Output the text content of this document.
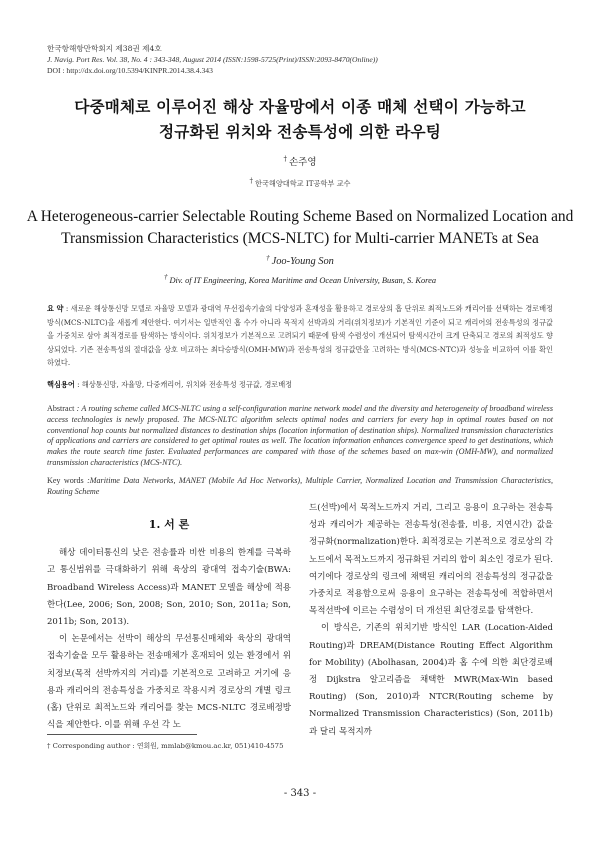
한국항해항만학회지 제38권 제4호
J. Navig. Port Res. Vol. 38, No. 4 : 343-348, August 2014 (ISSN:1598-5725(Print)/ISSN:2093-8470(Online))
DOI : http://dx.doi.org/10.5394/KINPR.2014.38.4.343
다중매체로 이루어진 해상 자율망에서 이종 매체 선택이 가능하고
정규화된 위치와 전송특성에 의한 라우팅
† 손주영
† 한국해양대학교 IT공학부 교수
A Heterogeneous-carrier Selectable Routing Scheme Based on Normalized Location and
Transmission Characteristics (MCS-NLTC) for Multi-carrier MANETs at Sea
† Joo-Young Son
† Div. of IT Engineering, Korea Maritime and Ocean University, Busan, S. Korea
요 약 : 새로운 해상통신망 모델로 자율망 모델과 광대역 무선접속기술의 다양성과 혼재성을 활용하고 경로상의 홉 단위로 최적노드와 캐리어를 선택하는 경로배정방식(MCS-NLTC)을 새롭게 제안한다. 여기서는 일반적인 홉 수가 아니라 목적지 선박과의 거리(위치정보)가 기본적인 기준이 되고 캐리어의 전송특성의 정규값을 가중치로 삼아 최적경로를 탐색하는 방식이다. 위치정보가 기본적으로 고려되기 때문에 탐색 수렴성이 개선되어 탐색시간이 크게 단축되고 경로의 최적성도 향상되었다. 기존 전송특성의 절대값을 상호 비교하는 최다승방식(OMH-MW)과 전송특성의 정규값만을 고려하는 방식(MCS-NTC)과 성능을 비교하여 이를 확인하였다.
핵심용어 : 해상통신망, 자율망, 다중캐리어, 위치와 전송특성 정규값, 경로배정
Abstract : A routing scheme called MCS-NLTC using a self-configuration marine network model and the diversity and heterogeneity of broadband wireless access technologies is newly proposed. The MCS-NLTC algorithm selects optimal nodes and carriers for every hop in optimal routes based on not conventional hop counts but normalized distances to destination ships (location information of destination ships). Normalized transmission characteristics of applications and carriers are considered to get optimal routes as well. The location information enhances convergence speed to get destinations, which makes the route search time faster. Evaluated performances are compared with those of the schemes based on max-win (OMH-MW), and normalized transmission characteristics (MCS-NTC).
Key words :Maritime Data Networks, MANET (Mobile Ad Hoc Networks), Multiple Carrier, Normalized Location and Transmission Characteristics, Routing Scheme
1. 서 론

해상 데이터통신의 낮은 전송률과 비싼 비용의 한계를 극복하고 통신범위를 극대화하기 위해 육상의 광대역 접속기술(BWA: Broadband Wireless Access)과 MANET 모델을 해상에 적용한다(Lee, 2006; Son, 2008; Son, 2010; Son, 2011a; Son, 2011b; Son, 2013).

이 논문에서는 선박이 해상의 무선통신매체와 육상의 광대역 접속기술을 모두 활용하는 전송매체가 혼재되어 있는 환경에서 위치정보(목적 선박까지의 거리)를 기본적으로 고려하고 거기에 응용과 캐리어의 전송특성을 가중치로 작용시켜 경로상의 개별 링크 (홉) 단위로 최적노드와 캐리어를 찾는 MCS-NLTC 경로배정방식을 제안한다. 이를 위해 우선 각 노

드(선박)에서 목적노드까지 거리, 그리고 응용이 요구하는 전송특성과 캐리어가 제공하는 전송특성(전송률, 비용, 지연시간) 값을 정규화(normalization)한다. 최적경로는 기본적으로 경로상의 각 노드에서 목적노드까지 정규화된 거리의 합이 최소인 경로가 된다. 여기에다 경로상의 링크에 채택된 캐리어의 전송특성의 정규값을 가중치로 적용함으로써 응용이 요구하는 전송특성에 적합하면서 목적선박에 이르는 수렴성이 더 개선된 최단경로를 탐색한다.

이 방식은, 기존의 위치기반 방식인 LAR (Location-Aided Routing)과 DREAM(Distance Routing Effect Algorithm for Mobility) (Abolhasan, 2004)과 홉 수에 의한 최단경로배정 Dijkstra 알고리즘을 채택한 MWR(Max-Win based Routing) (Son, 2010)과 NTCR(Routing scheme by Normalized Transmission Characteristics) (Son, 2011b)과 달리 목적지까

† Corresponding author : 연회원, mmlab@kmou.ac.kr, 051)410-4575
- 343 -
